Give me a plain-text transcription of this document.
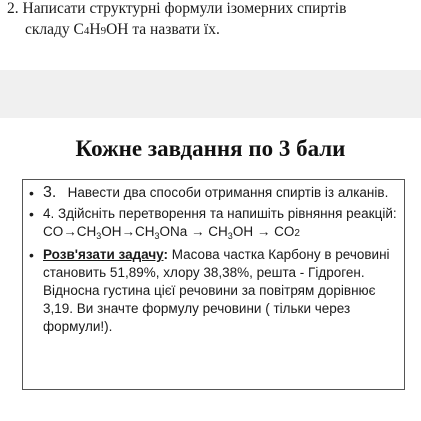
2. Написати структурні формули ізомерних спиртів
складу C4H9OH та назвати їх.
Кожне завдання по 3 бали
• 3. Навести два способи отримання спиртів із алканів.
• 4. Здійсніть перетворення та напишіть рівняння реакцій: $CO\to CH_3OH\to CH_3ONa \to CH_3OH \to CO2$
• Розв'язати задачу: Масова частка Карбону в речовині становить 51,89%, хлору 38,38%, решта - Гідроген. Відносна густина цієї речовини за повітрям дорівнює 3,19. Ви значте формулу речовини ( тільки через формули!).
